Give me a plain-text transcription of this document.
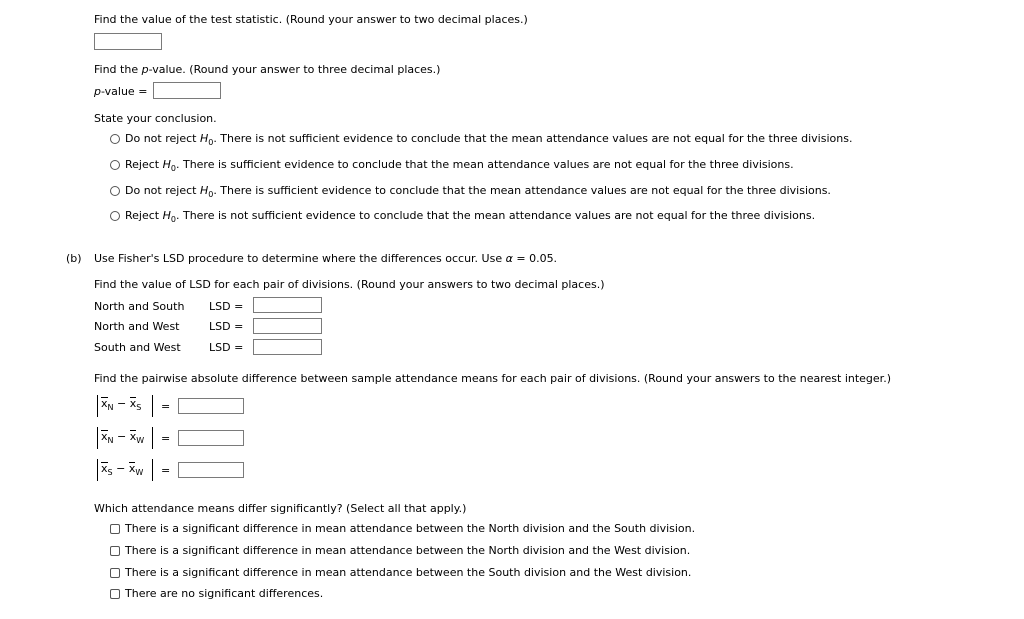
Find the value of the test statistic. (Round your answer to two decimal places.)
Find the p-value. (Round your answer to three decimal places.)
p-value =
State your conclusion.
Do not reject $H_0$. There is not sufficient evidence to conclude that the mean attendance values are not equal for the three divisions.
Reject $H_0$. There is sufficient evidence to conclude that the mean attendance values are not equal for the three divisions.
Do not reject $H_0$. There is sufficient evidence to conclude that the mean attendance values are not equal for the three divisions.
Reject $H_0$. There is not sufficient evidence to conclude that the mean attendance values are not equal for the three divisions.
(b) Use Fisher's LSD procedure to determine where the differences occur. Use α = 0.05.
Find the value of LSD for each pair of divisions. (Round your answers to two decimal places.)
North and South LSD =
North and West	LSD =
South and West	LSD =
Find the pairwise absolute difference between sample attendance means for each pair of divisions. (Round your answers to the nearest integer.)
$x_N - x_S$ =
$x_N - x_W$ =
$x_S - x_W$ =
Which attendance means differ significantly? (Select all that apply.)
There is a significant difference in mean attendance between the North division and the South division.
There is a significant difference in mean attendance between the North division and the West division.
There is a significant difference in mean attendance between the South division and the West division.
There are no significant differences.
